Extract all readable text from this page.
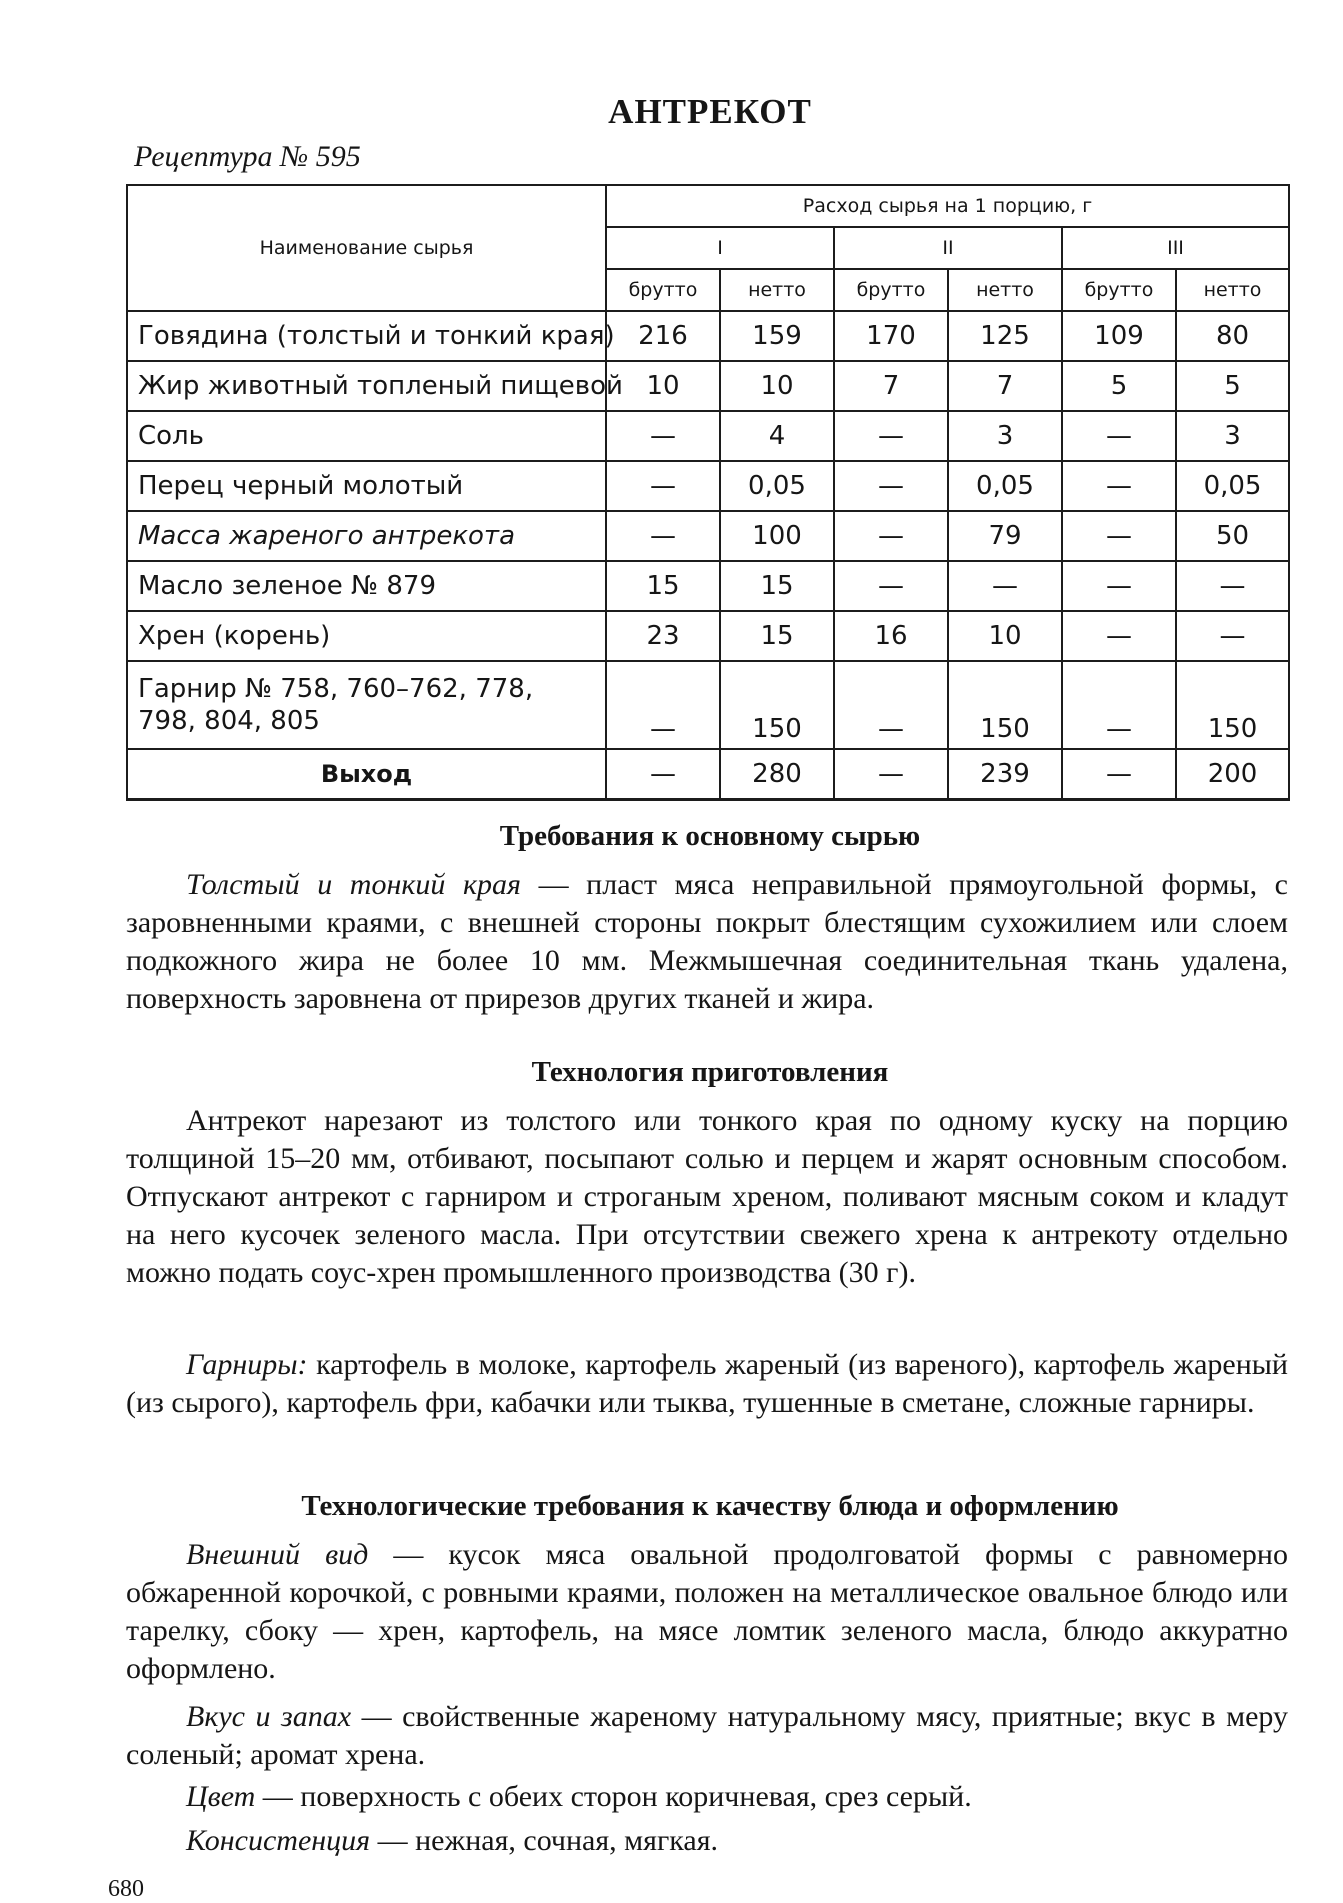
АНТРЕКОТ
Рецептура № 595
Наименование сырья	Расход сырья на 1 порцию, г					
	I		II		III	
	брутто	нетто	брутто	нетто	брутто	нетто
Говядина (толстый и тонкий края)	216	159	170	125	109	80
Жир животный топленый пищевой	10	10	7	7	5	5
Соль	—	4	—	3	—	3
Перец черный молотый	—	0,05	—	0,05	—	0,05
Масса жареного антрекота	—	100	—	79	—	50
Масло зеленое № 879	15	15	—	—	—	—
Хрен (корень)	23	15	16	10	—	—
Гарнир № 758, 760–762, 778, 798, 804, 805	—	150	—	150	—	150
Выход	—	280	—	239	—	200
Требования к основному сырью

Толстый и тонкий края — пласт мяса неправильной прямоугольной формы, с заровненными краями, с внешней стороны покрыт блестящим сухожилием или слоем подкожного жира не более 10 мм. Межмышечная соединительная ткань удалена, поверхность заровнена от прирезов других тканей и жира.

Технология приготовления

Антрекот нарезают из толстого или тонкого края по одному куску на порцию толщиной 15–20 мм, отбивают, посыпают солью и перцем и жарят основным способом. Отпускают антрекот с гарниром и строганым хреном, поливают мясным соком и кладут на него кусочек зеленого масла. При отсутствии свежего хрена к антрекоту отдельно можно подать соус-хрен промышленного производства (30 г).

Гарниры: картофель в молоке, картофель жареный (из вареного), картофель жареный (из сырого), картофель фри, кабачки или тыква, тушенные в сметане, сложные гарниры.

Технологические требования к качеству блюда и оформлению

Внешний вид — кусок мяса овальной продолговатой формы с равномерно обжаренной корочкой, с ровными краями, положен на металлическое овальное блюдо или тарелку, сбоку — хрен, картофель, на мясе ломтик зеленого масла, блюдо аккуратно оформлено.

Вкус и запах — свойственные жареному натуральному мясу, приятные; вкус в меру соленый; аромат хрена.

Цвет — поверхность с обеих сторон коричневая, срез серый.

Консистенция — нежная, сочная, мягкая.

680
